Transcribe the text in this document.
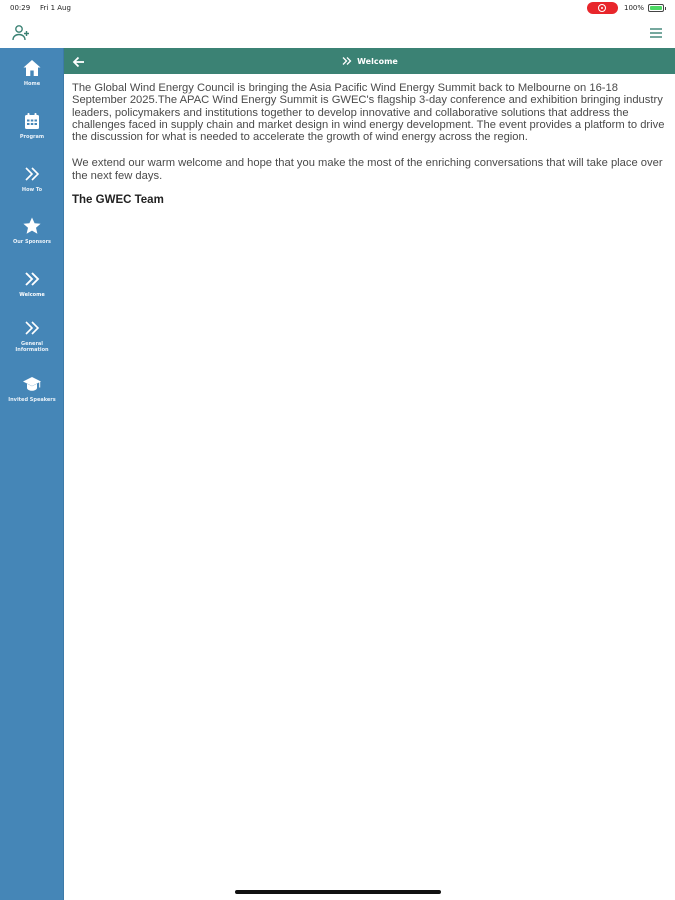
00:29 Fri 1 Aug	100%
Home
Program
How To
Our Sponsors
Welcome
General Information
Invited Speakers
Welcome

The Global Wind Energy Council is bringing the Asia Pacific Wind Energy Summit back to Melbourne on 16-18 September 2025.The APAC Wind Energy Summit is GWEC's flagship 3-day conference and exhibition bringing industry leaders, policymakers and institutions together to develop innovative and collaborative solutions that address the challenges faced in supply chain and market design in wind energy development. The event provides a platform to drive the discussion for what is needed to accelerate the growth of wind energy across the region.

We extend our warm welcome and hope that you make the most of the enriching conversations that will take place over the next few days.

The GWEC Team
